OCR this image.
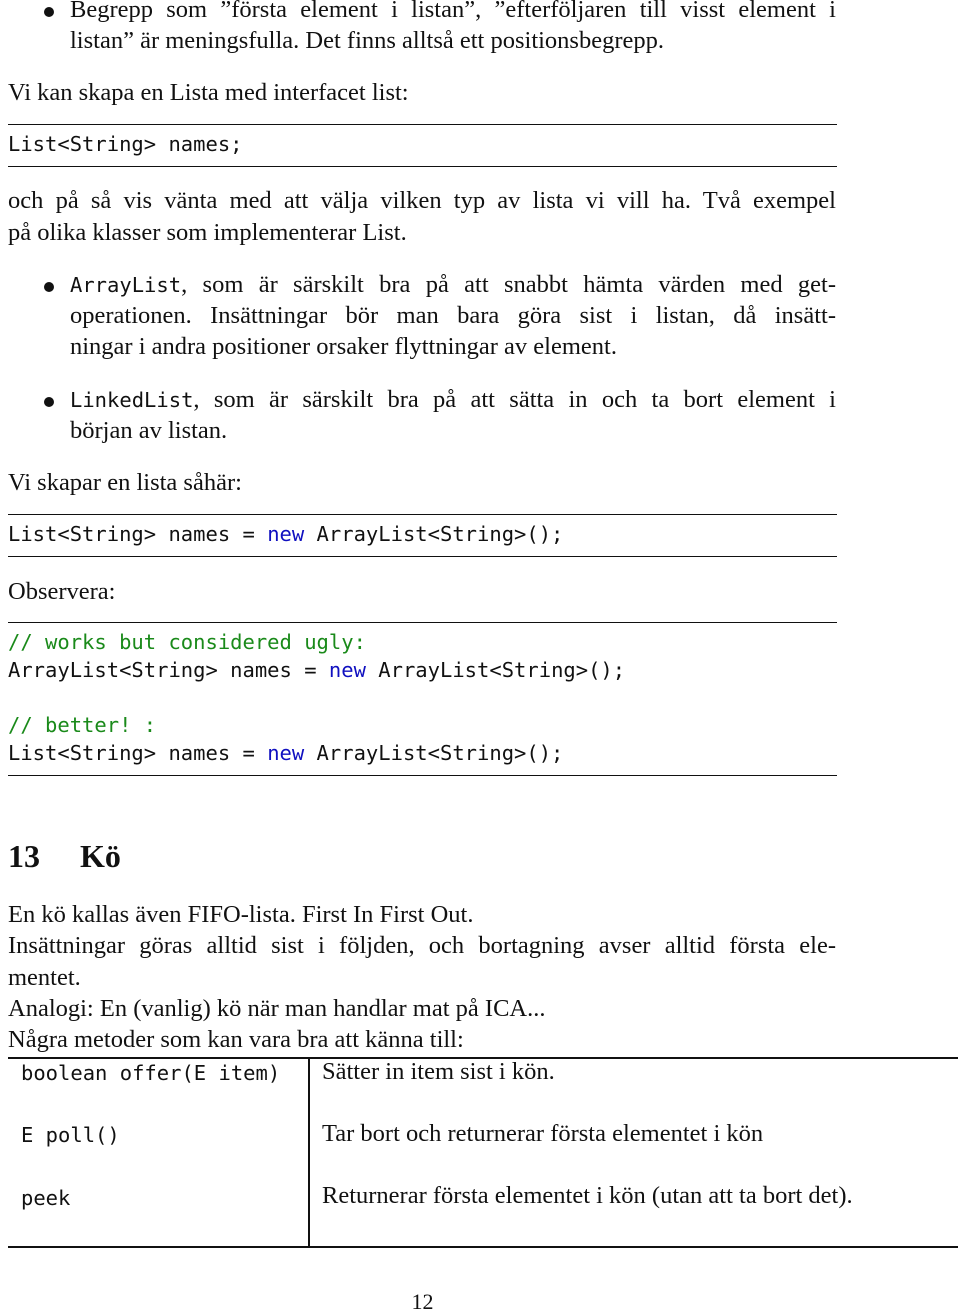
Begrepp som ”första element i listan”, ”efterföljaren till visst element i
listan” är meningsfulla. Det finns alltså ett positionsbegrepp.
Vi kan skapa en Lista med interfacet list:
List<String> names;
och på så vis vänta med att välja vilken typ av lista vi vill ha. Två exempel
på olika klasser som implementerar List.
ArrayList, som är särskilt bra på att snabbt hämta värden med get-
operationen. Insättningar bör man bara göra sist i listan, då insätt-
ningar i andra positioner orsaker flyttningar av element.
LinkedList, som är särskilt bra på att sätta in och ta bort element i
början av listan.
Vi skapar en lista såhär:
List<String> names = new ArrayList<String>();
Observera:
// works but considered ugly:
ArrayList<String> names = new ArrayList<String>();
// better! :
List<String> names = new ArrayList<String>();
13 Kö
En kö kallas även FIFO-lista. First In First Out.
Insättningar göras alltid sist i följden, och bortagning avser alltid första ele-
mentet.
Analogi: En (vanlig) kö när man handlar mat på ICA...
Några metoder som kan vara bra att känna till:
boolean offer(E item) Sätter in item sist i kön.
E poll()	Tar bort och returnerar första elementet i kön
peek	Returnerar första elementet i kön (utan att ta bort det).
12
